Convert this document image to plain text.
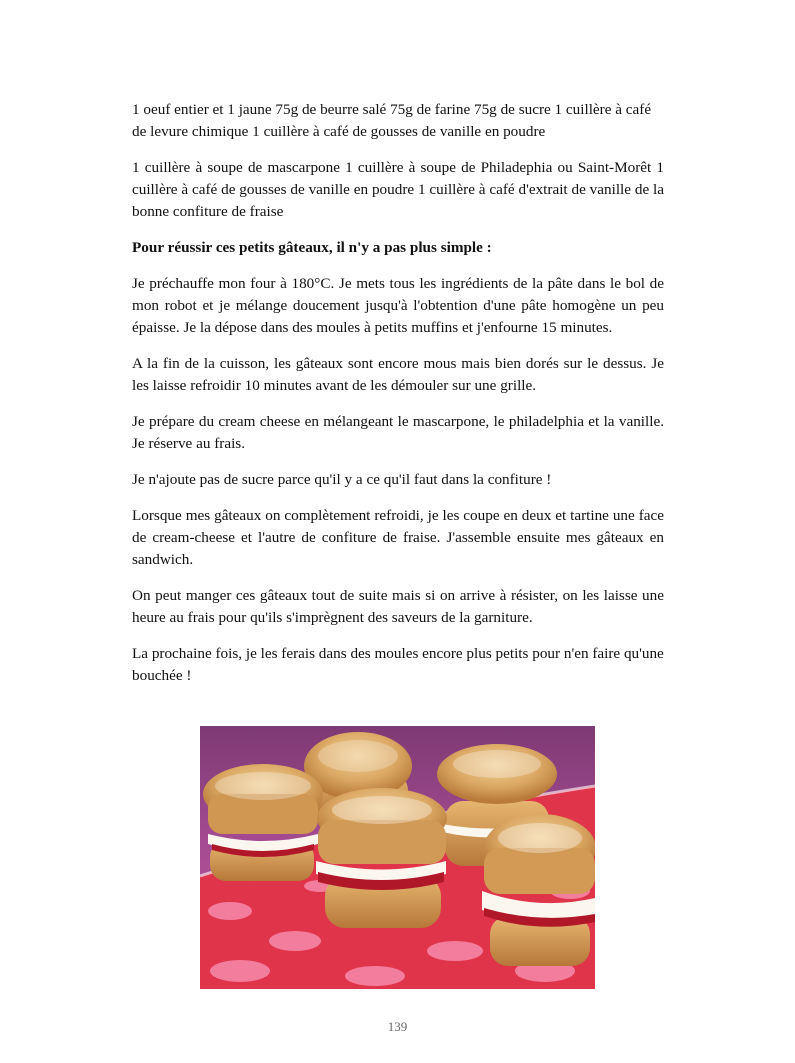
1 oeuf entier et 1 jaune 75g de beurre salé 75g de farine 75g de sucre 1 cuillère à café de levure chimique 1 cuillère à café de gousses de vanille en poudre

1 cuillère à soupe de mascarpone 1 cuillère à soupe de Philadephia ou Saint-Morêt 1 cuillère à café de gousses de vanille en poudre 1 cuillère à café d'extrait de vanille de la bonne confiture de fraise

Pour réussir ces petits gâteaux, il n'y a pas plus simple :

Je préchauffe mon four à 180°C. Je mets tous les ingrédients de la pâte dans le bol de mon robot et je mélange doucement jusqu'à l'obtention d'une pâte homogène un peu épaisse. Je la dépose dans des moules à petits muffins et j'enfourne 15 minutes.

A la fin de la cuisson, les gâteaux sont encore mous mais bien dorés sur le dessus. Je les laisse refroidir 10 minutes avant de les démouler sur une grille.

Je prépare du cream cheese en mélangeant le mascarpone, le philadelphia et la vanille. Je réserve au frais.

Je n'ajoute pas de sucre parce qu'il y a ce qu'il faut dans la confiture !

Lorsque mes gâteaux on complètement refroidi, je les coupe en deux et tartine une face de cream-cheese et l'autre de confiture de fraise. J'assemble ensuite mes gâteaux en sandwich.

On peut manger ces gâteaux tout de suite mais si on arrive à résister, on les laisse une heure au frais pour qu'ils s'imprègnent des saveurs de la garniture.

La prochaine fois, je les ferais dans des moules encore plus petits pour n'en faire qu'une bouchée !

139
